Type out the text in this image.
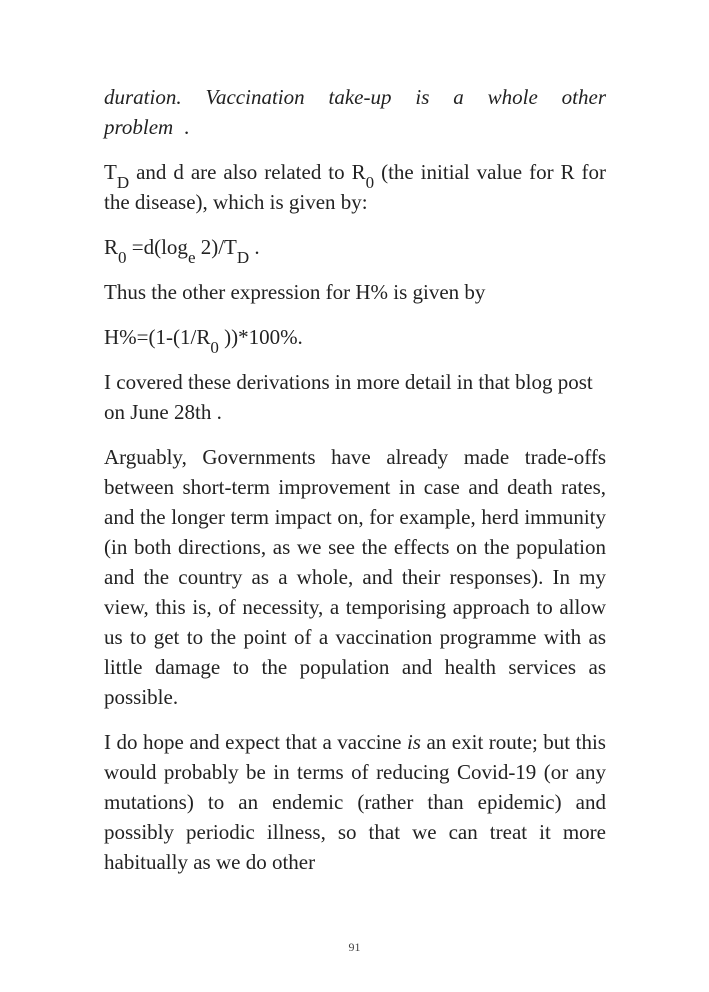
duration. Vaccination take-up is a whole other problem .

$T_D$ and d are also related to $R_0$ (the initial value for R for the disease), which is given by:

$R_0 =d(\log_e$ $2)/T_D$ .

Thus the other expression for H% is given by

$H\%=(1-(1/R_0$ ))*100%.

I covered these derivations in more detail in that blog post on June 28th .

Arguably, Governments have already made trade-offs between short-term improvement in case and death rates, and the longer term impact on, for example, herd immunity (in both directions, as we see the effects on the population and the country as a whole, and their responses). In my view, this is, of necessity, a temporising approach to allow us to get to the point of a vaccination programme with as little damage to the population and health services as possible.

I do hope and expect that a vaccine is an exit route; but this would probably be in terms of reducing Covid-19 (or any mutations) to an endemic (rather than epidemic) and possibly periodic illness, so that we can treat it more habitually as we do other

91
